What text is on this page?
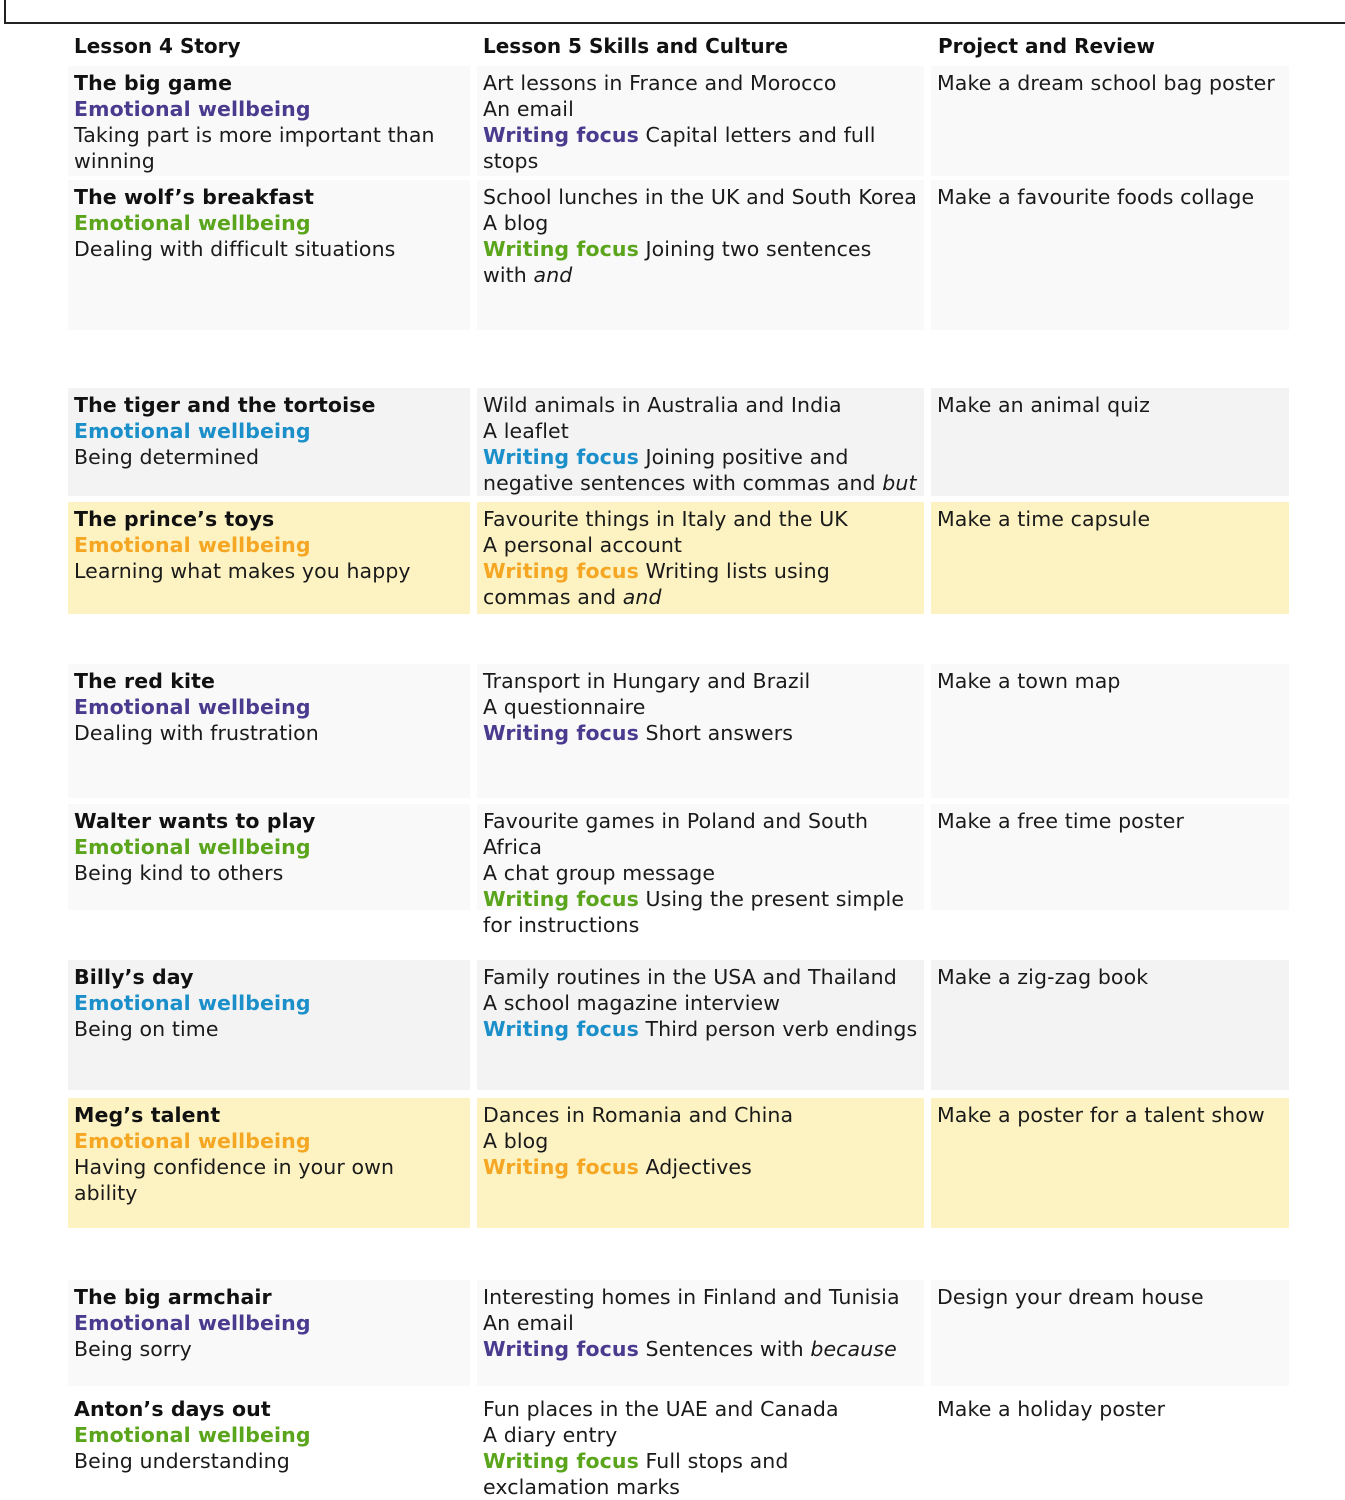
Lesson 4 Story	Lesson 5 Skills and Culture	Project and Review
The big game
Emotional wellbeing
Taking part is more important than winning
Art lessons in France and Morocco
An email
Writing focus Capital letters and full stops
Make a dream school bag poster
The wolf’s breakfast
Emotional wellbeing
Dealing with difficult situations
School lunches in the UK and South Korea
A blog
Writing focus Joining two sentences with and
Make a favourite foods collage
The tiger and the tortoise
Emotional wellbeing
Being determined
Wild animals in Australia and India
A leaflet
Writing focus Joining positive and negative sentences with commas and but
Make an animal quiz
The prince’s toys
Emotional wellbeing
Learning what makes you happy
Favourite things in Italy and the UK
A personal account
Writing focus Writing lists using commas and and
Make a time capsule
The red kite
Emotional wellbeing
Dealing with frustration
Transport in Hungary and Brazil
A questionnaire
Writing focus Short answers
Make a town map
Walter wants to play
Emotional wellbeing
Being kind to others
Favourite games in Poland and South Africa
A chat group message
Writing focus Using the present simple for instructions
Make a free time poster
Billy’s day
Emotional wellbeing
Being on time
Family routines in the USA and Thailand
A school magazine interview
Writing focus Third person verb endings
Make a zig-zag book
Meg’s talent
Emotional wellbeing
Having confidence in your own ability
Dances in Romania and China
A blog
Writing focus Adjectives
Make a poster for a talent show
The big armchair
Emotional wellbeing
Being sorry
Interesting homes in Finland and Tunisia
An email
Writing focus Sentences with because
Design your dream house
Anton’s days out
Emotional wellbeing
Being understanding
Fun places in the UAE and Canada
A diary entry
Writing focus Full stops and exclamation marks
Make a holiday poster
